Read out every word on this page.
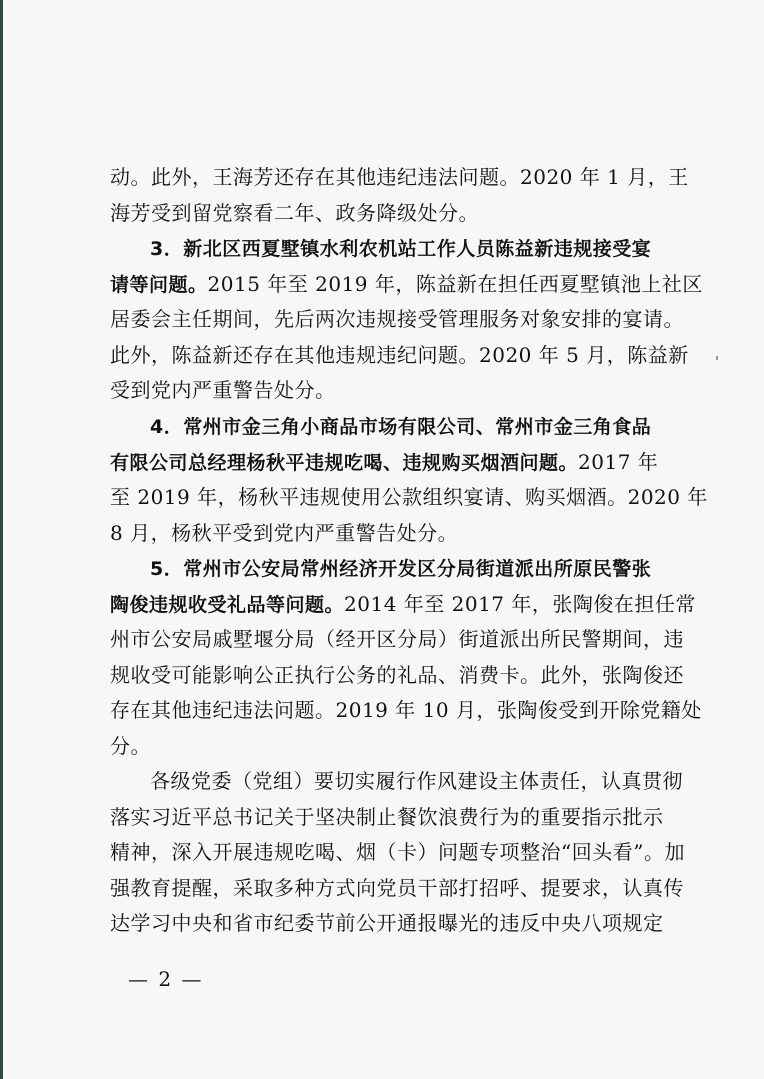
动。此外，王海芳还存在其他违纪违法问题。2020 年 1 月，王
海芳受到留党察看二年、政务降级处分。
3．新北区西夏墅镇水利农机站工作人员陈益新违规接受宴
请等问题。2015 年至 2019 年，陈益新在担任西夏墅镇池上社区
居委会主任期间，先后两次违规接受管理服务对象安排的宴请。
此外，陈益新还存在其他违规违纪问题。2020 年 5 月，陈益新
受到党内严重警告处分。
4．常州市金三角小商品市场有限公司、常州市金三角食品
有限公司总经理杨秋平违规吃喝、违规购买烟酒问题。2017 年
至 2019 年，杨秋平违规使用公款组织宴请、购买烟酒。2020 年
8 月，杨秋平受到党内严重警告处分。
5．常州市公安局常州经济开发区分局街道派出所原民警张
陶俊违规收受礼品等问题。2014 年至 2017 年，张陶俊在担任常
州市公安局戚墅堰分局（经开区分局）街道派出所民警期间，违
规收受可能影响公正执行公务的礼品、消费卡。此外，张陶俊还
存在其他违纪违法问题。2019 年 10 月，张陶俊受到开除党籍处
分。
各级党委（党组）要切实履行作风建设主体责任，认真贯彻
落实习近平总书记关于坚决制止餐饮浪费行为的重要指示批示
精神，深入开展违规吃喝、烟（卡）问题专项整治“回头看”。加
强教育提醒，采取多种方式向党员干部打招呼、提要求，认真传
达学习中央和省市纪委节前公开通报曝光的违反中央八项规定
— 2 —
